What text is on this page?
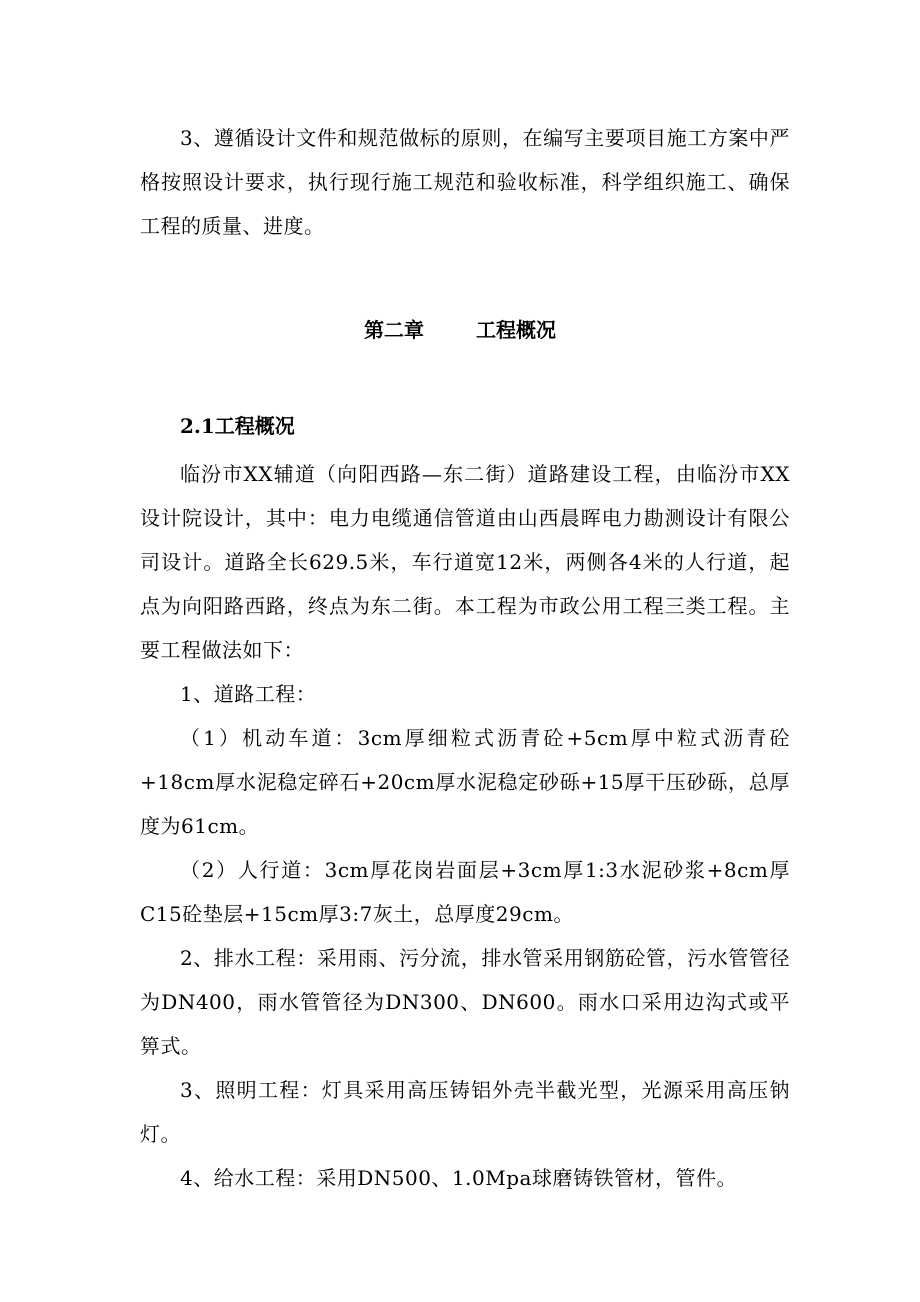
3、遵循设计文件和规范做标的原则，在编写主要项目施工方案中严格按照设计要求，执行现行施工规范和验收标准，科学组织施工、确保工程的质量、进度。

第二章	工程概况
2.1工程概况

临汾市XX辅道（向阳西路—东二街）道路建设工程，由临汾市XX设计院设计，其中：电力电缆通信管道由山西晨晖电力勘测设计有限公司设计。道路全长629.5米，车行道宽12米，两侧各4米的人行道，起点为向阳路西路，终点为东二街。本工程为市政公用工程三类工程。主要工程做法如下：

1、道路工程：

（1）机动车道：3cm厚细粒式沥青砼+5cm厚中粒式沥青砼+18cm厚水泥稳定碎石+20cm厚水泥稳定砂砾+15厚干压砂砾，总厚度为61cm。

（2）人行道：3cm厚花岗岩面层+3cm厚1:3水泥砂浆+8cm厚C15砼垫层+15cm厚3:7灰土，总厚度29cm。

2、排水工程：采用雨、污分流，排水管采用钢筋砼管，污水管管径为DN400，雨水管管径为DN300、DN600。雨水口采用边沟式或平箅式。

3、照明工程：灯具采用高压铸铝外壳半截光型，光源采用高压钠灯。

4、给水工程：采用DN500、1.0Mpa球磨铸铁管材，管件。
